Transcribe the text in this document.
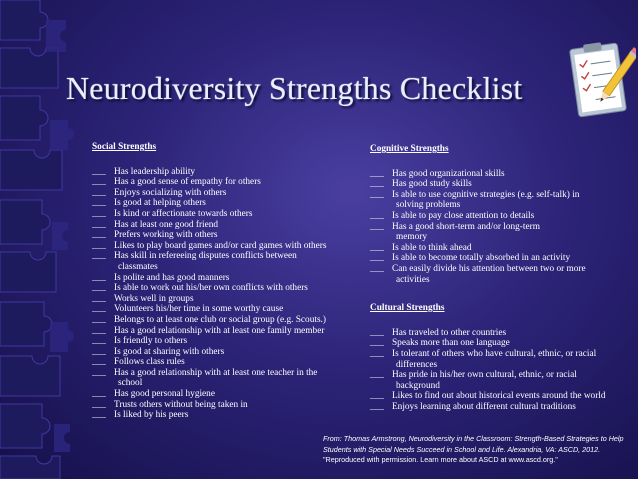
Neurodiversity Strengths Checklist
Social Strengths
___ Has leadership ability
___ Has a good sense of empathy for others
___ Enjoys socializing with others
___ Is good at helping others
___ Is kind or affectionate towards others
___ Has at least one good friend
___ Prefers working with others
___ Likes to play board games and/or card games with others
___ Has skill in refereeing disputes conflicts between
classmates
___ Is polite and has good manners
___ Is able to work out his/her own conflicts with others
___ Works well in groups
___ Volunteers his/her time in some worthy cause
___ Belongs to at least one club or social group (e.g. Scouts.)
___ Has a good relationship with at least one family member
___ Is friendly to others
___ Is good at sharing with others
___ Follows class rules
___ Has a good relationship with at least one teacher in the
school
___ Has good personal hygiene
___ Trusts others without being taken in
___ Is liked by his peers
Cognitive Strengths
___ Has good organizational skills
___ Has good study skills
___ Is able to use cognitive strategies (e.g. self-talk) in
solving problems
___ Is able to pay close attention to details
___ Has a good short-term and/or long-term
memory
___ Is able to think ahead
___ Is able to become totally absorbed in an activity
___ Can easily divide his attention between two or more
activities
Cultural Strengths
___ Has traveled to other countries
___ Speaks more than one language
___ Is tolerant of others who have cultural, ethnic, or racial
differences
___ Has pride in his/her own cultural, ethnic, or racial
background
___ Likes to find out about historical events around the world
___ Enjoys learning about different cultural traditions
From: Thomas Armstrong, Neurodiversity in the Classroom: Strength-Based Strategies to Help
Students with Special Needs Succeed in School and Life. Alexandria, VA: ASCD, 2012.
"Reproduced with permission. Learn more about ASCD at www.ascd.org."
